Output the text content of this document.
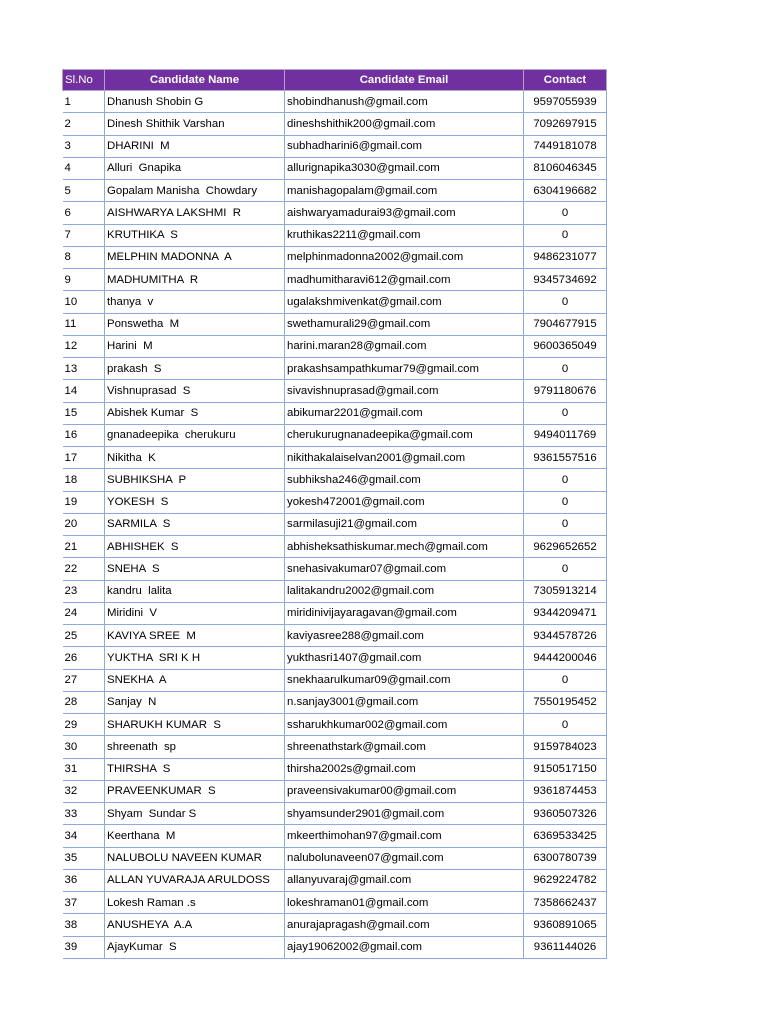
Sl.No	Candidate Name	Candidate Email	Contact
1	Dhanush Shobin G	shobindhanush@gmail.com	9597055939
2	Dinesh Shithik Varshan	dineshshithik200@gmail.com	7092697915
3	DHARINI  M	subhadharini6@gmail.com	7449181078
4	Alluri  Gnapika	allurignapika3030@gmail.com	8106046345
5	Gopalam Manisha  Chowdary	manishagopalam@gmail.com	6304196682
6	AISHWARYA LAKSHMI  R	aishwaryamadurai93@gmail.com	0
7	KRUTHIKA  S	kruthikas2211@gmail.com	0
8	MELPHIN MADONNA  A	melphinmadonna2002@gmail.com	9486231077
9	MADHUMITHA  R	madhumitharavi612@gmail.com	9345734692
10	thanya  v	ugalakshmivenkat@gmail.com	0
11	Ponswetha  M	swethamurali29@gmail.com	7904677915
12	Harini  M	harini.maran28@gmail.com	9600365049
13	prakash  S	prakashsampathkumar79@gmail.com	0
14	Vishnuprasad  S	sivavishnuprasad@gmail.com	9791180676
15	Abishek Kumar  S	abikumar2201@gmail.com	0
16	gnanadeepika  cherukuru	cherukurugnanadeepika@gmail.com	9494011769
17	Nikitha  K	nikithakalaiselvan2001@gmail.com	9361557516
18	SUBHIKSHA  P	subhiksha246@gmail.com	0
19	YOKESH  S	yokesh472001@gmail.com	0
20	SARMILA  S	sarmilasuji21@gmail.com	0
21	ABHISHEK  S	abhisheksathiskumar.mech@gmail.com	9629652652
22	SNEHA  S	snehasivakumar07@gmail.com	0
23	kandru  lalita	lalitakandru2002@gmail.com	7305913214
24	Miridini  V	miridinivijayaragavan@gmail.com	9344209471
25	KAVIYA SREE  M	kaviyasree288@gmail.com	9344578726
26	YUKTHA  SRI K H	yukthasri1407@gmail.com	9444200046
27	SNEKHA  A	snekhaarulkumar09@gmail.com	0
28	Sanjay  N	n.sanjay3001@gmail.com	7550195452
29	SHARUKH KUMAR  S	ssharukhkumar002@gmail.com	0
30	shreenath  sp	shreenathstark@gmail.com	9159784023
31	THIRSHA  S	thirsha2002s@gmail.com	9150517150
32	PRAVEENKUMAR  S	praveensivakumar00@gmail.com	9361874453
33	Shyam  Sundar S	shyamsunder2901@gmail.com	9360507326
34	Keerthana  M	mkeerthimohan97@gmail.com	6369533425
35	NALUBOLU NAVEEN KUMAR	nalubolunaveen07@gmail.com	6300780739
36	ALLAN YUVARAJA ARULDOSS	allanyuvaraj@gmail.com	9629224782
37	Lokesh Raman .s	lokeshraman01@gmail.com	7358662437
38	ANUSHEYA  A.A	anurajapragash@gmail.com	9360891065
39	AjayKumar  S	ajay19062002@gmail.com	9361144026
